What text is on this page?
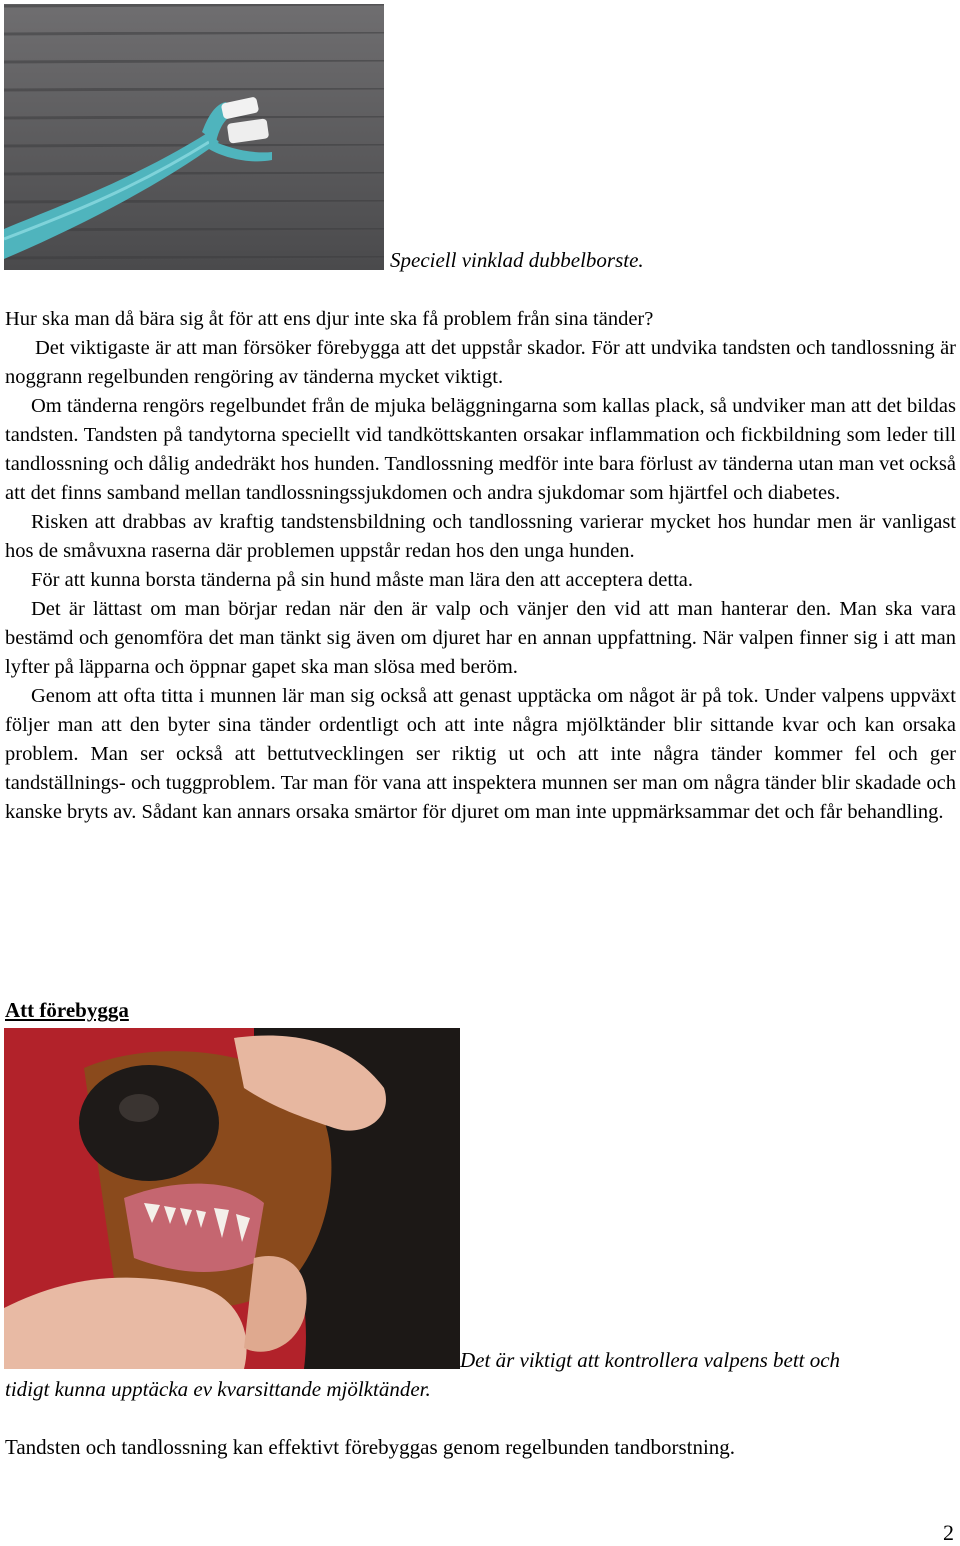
Speciell vinklad dubbelborste.

Hur ska man då bära sig åt för att ens djur inte ska få problem från sina tänder?

Det viktigaste är att man försöker förebygga att det uppstår skador. För att undvika tandsten och tandlossning är noggrann regelbunden rengöring av tänderna mycket viktigt.

Om tänderna rengörs regelbundet från de mjuka beläggningarna som kallas plack, så undviker man att det bildas tandsten. Tandsten på tandytorna speciellt vid tandköttskanten orsakar inflammation och fickbildning som leder till tandlossning och dålig andedräkt hos hunden. Tandlossning medför inte bara förlust av tänderna utan man vet också att det finns samband mellan tandlossningssjukdomen och andra sjukdomar som hjärtfel och diabetes.

Risken att drabbas av kraftig tandstensbildning och tandlossning varierar mycket hos hundar men är vanligast hos de småvuxna raserna där problemen uppstår redan hos den unga hunden.

För att kunna borsta tänderna på sin hund måste man lära den att acceptera detta.

Det är lättast om man börjar redan när den är valp och vänjer den vid att man hanterar den. Man ska vara bestämd och genomföra det man tänkt sig även om djuret har en annan uppfattning. När valpen finner sig i att man lyfter på läpparna och öppnar gapet ska man slösa med beröm.

Genom att ofta titta i munnen lär man sig också att genast upptäcka om något är på tok. Under valpens uppväxt följer man att den byter sina tänder ordentligt och att inte några mjölktänder blir sittande kvar och kan orsaka problem. Man ser också att bettutvecklingen ser riktig ut och att inte några tänder kommer fel och ger tandställnings- och tuggproblem. Tar man för vana att inspektera munnen ser man om några tänder blir skadade och kanske bryts av. Sådant kan annars orsaka smärtor för djuret om man inte uppmärksammar det och får behandling.

Att förebygga
Det är viktigt att kontrollera valpens bett och
tidigt kunna upptäcka ev kvarsittande mjölktänder.
Tandsten och tandlossning kan effektivt förebyggas genom regelbunden tandborstning.
2
